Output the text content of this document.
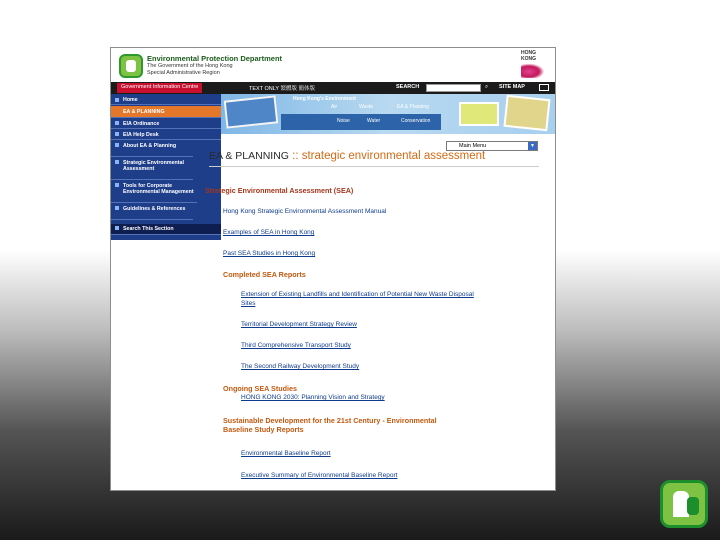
Environmental Protection Department
The Government of the Hong Kong
Special Administrative Region
HONG KONG
Government Information Centre	TEXT ONLY 繁體版 簡体版	SEARCH	⌕ SITE MAP
Home
EA & PLANNING
EIA Ordinance
EIA Help Desk
About EA & Planning
Strategic Environmental Assessment
Tools for Corporate Environmental Management
Guidelines & References
Search This Section
Hong Kong's Environment
Air	Waste	EA & Planning
Noise	Water	Conservation
Main Menu	▼
EA & PLANNING :: strategic environmental assessment
Strategic Environmental Assessment (SEA)
Hong Kong Strategic Environmental Assessment Manual
Examples of SEA in Hong Kong
Past SEA Studies in Hong Kong
Completed SEA Reports
Extension of Existing Landfills and Identification of Potential New Waste Disposal
Sites
Territorial Development Strategy Review
Third Comprehensive Transport Study
The Second Railway Development Study
Ongoing SEA Studies
HONG KONG 2030: Planning Vision and Strategy
Sustainable Development for the 21st Century - Environmental
Baseline Study Reports
Environmental Baseline Report
Executive Summary of Environmental Baseline Report
